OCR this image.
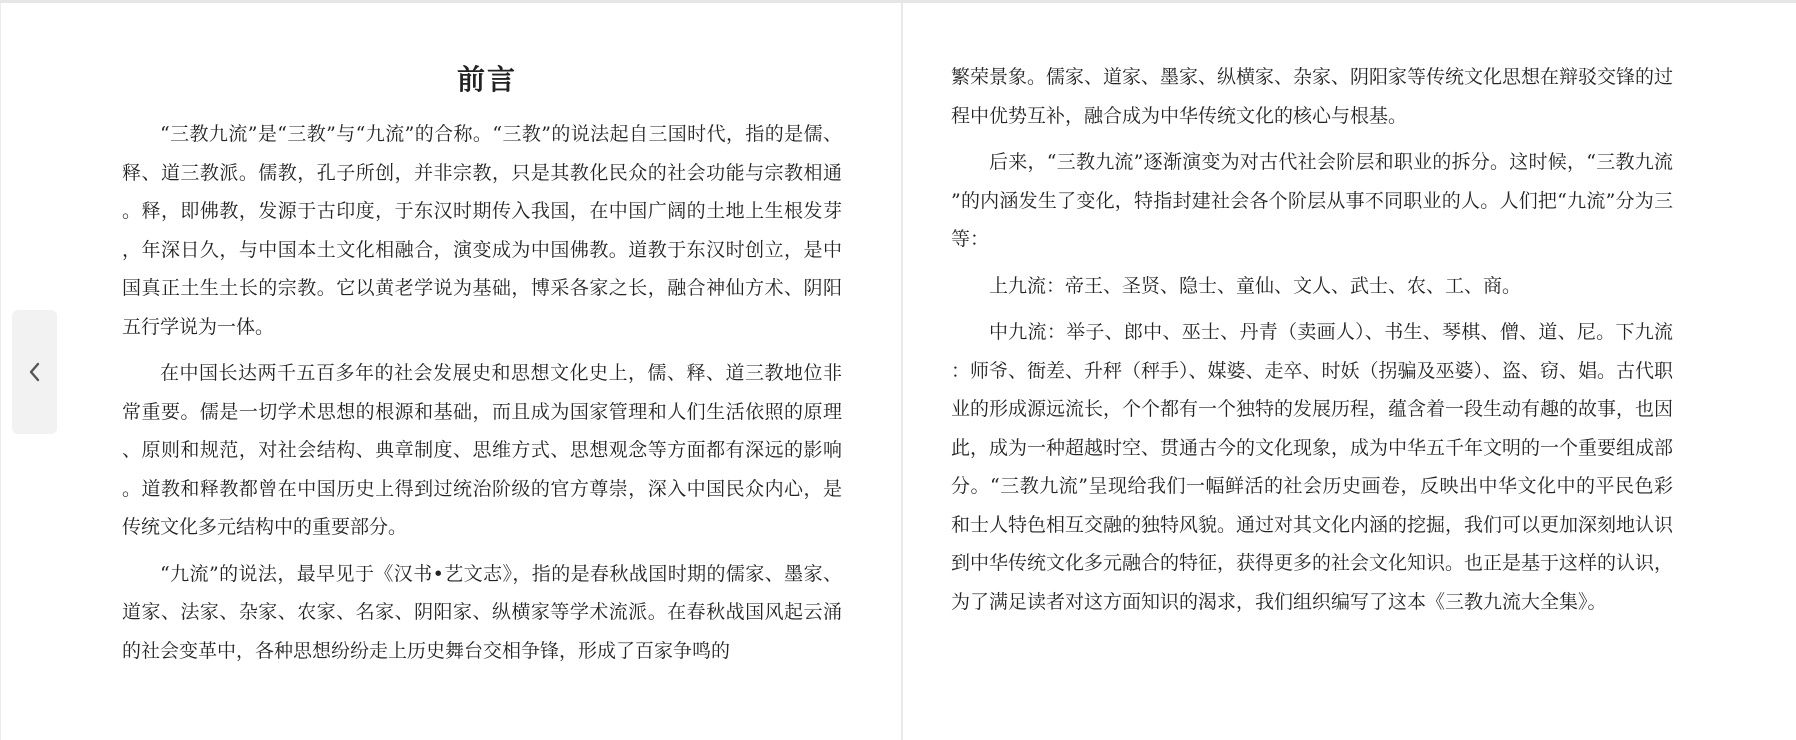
前言

“三教九流”是“三教”与“九流”的合称。“三教”的说法起自三国时代，指的是儒、释、道三教派。儒教，孔子所创，并非宗教，只是其教化民众的社会功能与宗教相通。释，即佛教，发源于古印度，于东汉时期传入我国，在中国广阔的土地上生根发芽，年深日久，与中国本土文化相融合，演变成为中国佛教。道教于东汉时创立，是中国真正土生土长的宗教。它以黄老学说为基础，博采各家之长，融合神仙方术、阴阳五行学说为一体。

在中国长达两千五百多年的社会发展史和思想文化史上，儒、释、道三教地位非常重要。儒是一切学术思想的根源和基础，而且成为国家管理和人们生活依照的原理、原则和规范，对社会结构、典章制度、思维方式、思想观念等方面都有深远的影响。道教和释教都曾在中国历史上得到过统治阶级的官方尊崇，深入中国民众内心，是传统文化多元结构中的重要部分。

“九流”的说法，最早见于《汉书•艺文志》，指的是春秋战国时期的儒家、墨家、道家、法家、杂家、农家、名家、阴阳家、纵横家等学术流派。在春秋战国风起云涌的社会变革中，各种思想纷纷走上历史舞台交相争锋，形成了百家争鸣的

繁荣景象。儒家、道家、墨家、纵横家、杂家、阴阳家等传统文化思想在辩驳交锋的过程中优势互补，融合成为中华传统文化的核心与根基。

后来，“三教九流”逐渐演变为对古代社会阶层和职业的拆分。这时候，“三教九流”的内涵发生了变化，特指封建社会各个阶层从事不同职业的人。人们把“九流”分为三等：

上九流：帝王、圣贤、隐士、童仙、文人、武士、农、工、商。

中九流：举子、郎中、巫士、丹青（卖画人）、书生、琴棋、僧、道、尼。下九流：师爷、衙差、升秤（秤手）、媒婆、走卒、时妖（拐骗及巫婆）、盗、窃、娼。古代职业的形成源远流长，个个都有一个独特的发展历程，蕴含着一段生动有趣的故事，也因此，成为一种超越时空、贯通古今的文化现象，成为中华五千年文明的一个重要组成部分。“三教九流”呈现给我们一幅鲜活的社会历史画卷，反映出中华文化中的平民色彩和士人特色相互交融的独特风貌。通过对其文化内涵的挖掘，我们可以更加深刻地认识到中华传统文化多元融合的特征，获得更多的社会文化知识。也正是基于这样的认识，为了满足读者对这方面知识的渴求，我们组织编写了这本《三教九流大全集》。
